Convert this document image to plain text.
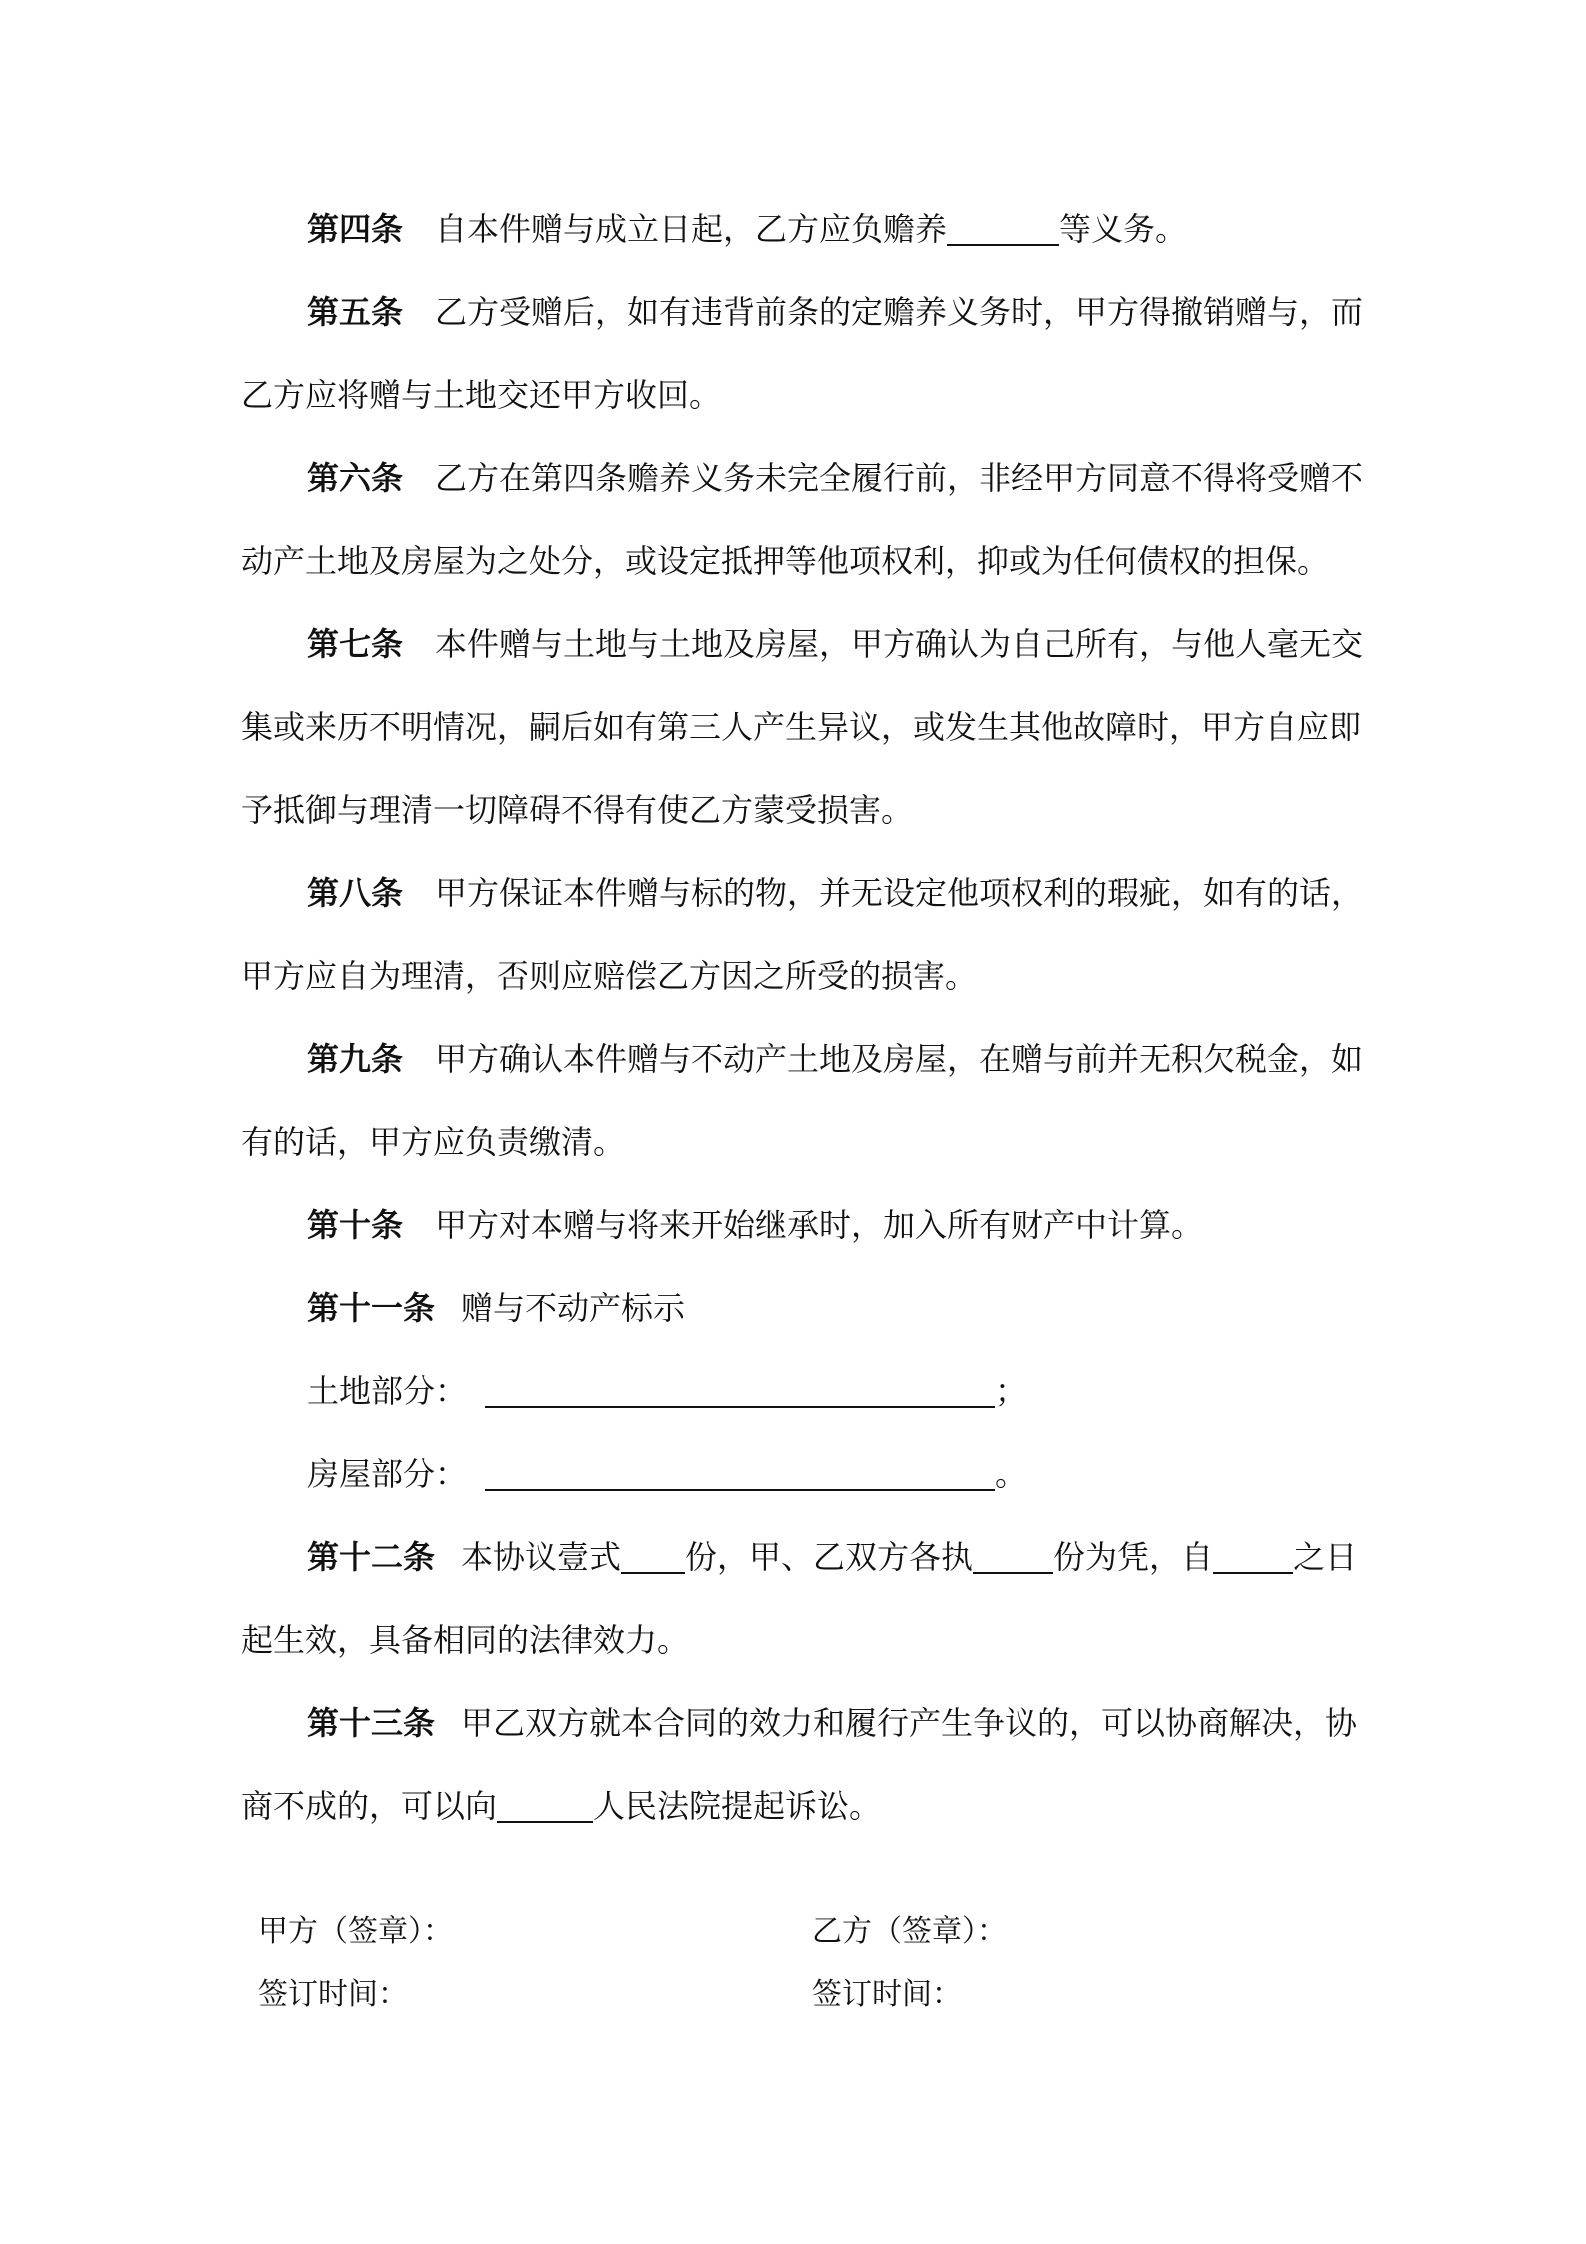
第四条 自本件赠与成立日起，乙方应负赡养	等义务。

第五条 乙方受赠后，如有违背前条的定赡养义务时，甲方得撤销赠与，而

乙方应将赠与土地交还甲方收回。

第六条 乙方在第四条赡养义务未完全履行前，非经甲方同意不得将受赠不

动产土地及房屋为之处分，或设定抵押等他项权利，抑或为任何债权的担保。

第七条 本件赠与土地与土地及房屋，甲方确认为自己所有，与他人毫无交

集或来历不明情况，嗣后如有第三人产生异议，或发生其他故障时，甲方自应即

予抵御与理清一切障碍不得有使乙方蒙受损害。

第八条 甲方保证本件赠与标的物，并无设定他项权利的瑕疵，如有的话，

甲方应自为理清，否则应赔偿乙方因之所受的损害。

第九条 甲方确认本件赠与不动产土地及房屋，在赠与前并无积欠税金，如

有的话，甲方应负责缴清。

第十条 甲方对本赠与将来开始继承时，加入所有财产中计算。

第十一条 赠与不动产标示

土地部分：	；

房屋部分：	。

第十二条 本协议壹式 份，甲、乙双方各执	份为凭，自	之日

起生效，具备相同的法律效力。

第十三条 甲乙双方就本合同的效力和履行产生争议的，可以协商解决，协

商不成的，可以向	人民法院提起诉讼。

甲方（签章）：	乙方（签章）：
签订时间：	签订时间：
